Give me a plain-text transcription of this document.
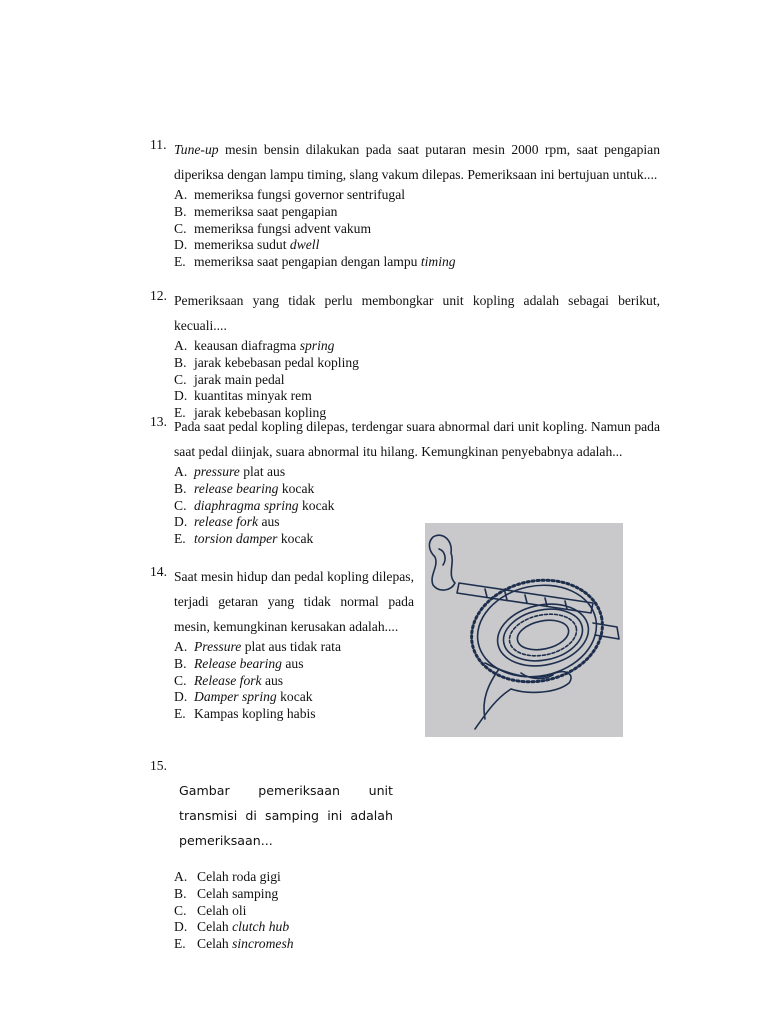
11. Tune-up mesin bensin dilakukan pada saat putaran mesin 2000 rpm, saat pengapian diperiksa dengan lampu timing, slang vakum dilepas. Pemeriksaan ini bertujuan untuk....
A. memeriksa fungsi governor sentrifugal
B. memeriksa saat pengapian
C. memeriksa fungsi advent vakum
D. memeriksa sudut dwell
E. memeriksa saat pengapian dengan lampu timing
12. Pemeriksaan yang tidak perlu membongkar unit kopling adalah sebagai berikut, kecuali....
A. keausan diafragma spring
B. jarak kebebasan pedal kopling
C. jarak main pedal
D. kuantitas minyak rem
E. jarak kebebasan kopling
13. Pada saat pedal kopling dilepas, terdengar suara abnormal dari unit kopling. Namun pada saat pedal diinjak, suara abnormal itu hilang. Kemungkinan penyebabnya adalah...
A. pressure plat aus
B. release bearing kocak
C. diaphragma spring kocak
D. release fork aus
E. torsion damper kocak
14. Saat mesin hidup dan pedal kopling dilepas, terjadi getaran yang tidak normal pada mesin, kemungkinan kerusakan adalah....
A. Pressure plat aus tidak rata
B. Release bearing aus
C. Release fork aus
D. Damper spring kocak
E. Kampas kopling habis
15.
Gambar pemeriksaan unit transmisi di samping ini adalah pemeriksaan...
A. Celah roda gigi
B. Celah samping
C. Celah oli
D. Celah clutch hub
E. Celah sincromesh
